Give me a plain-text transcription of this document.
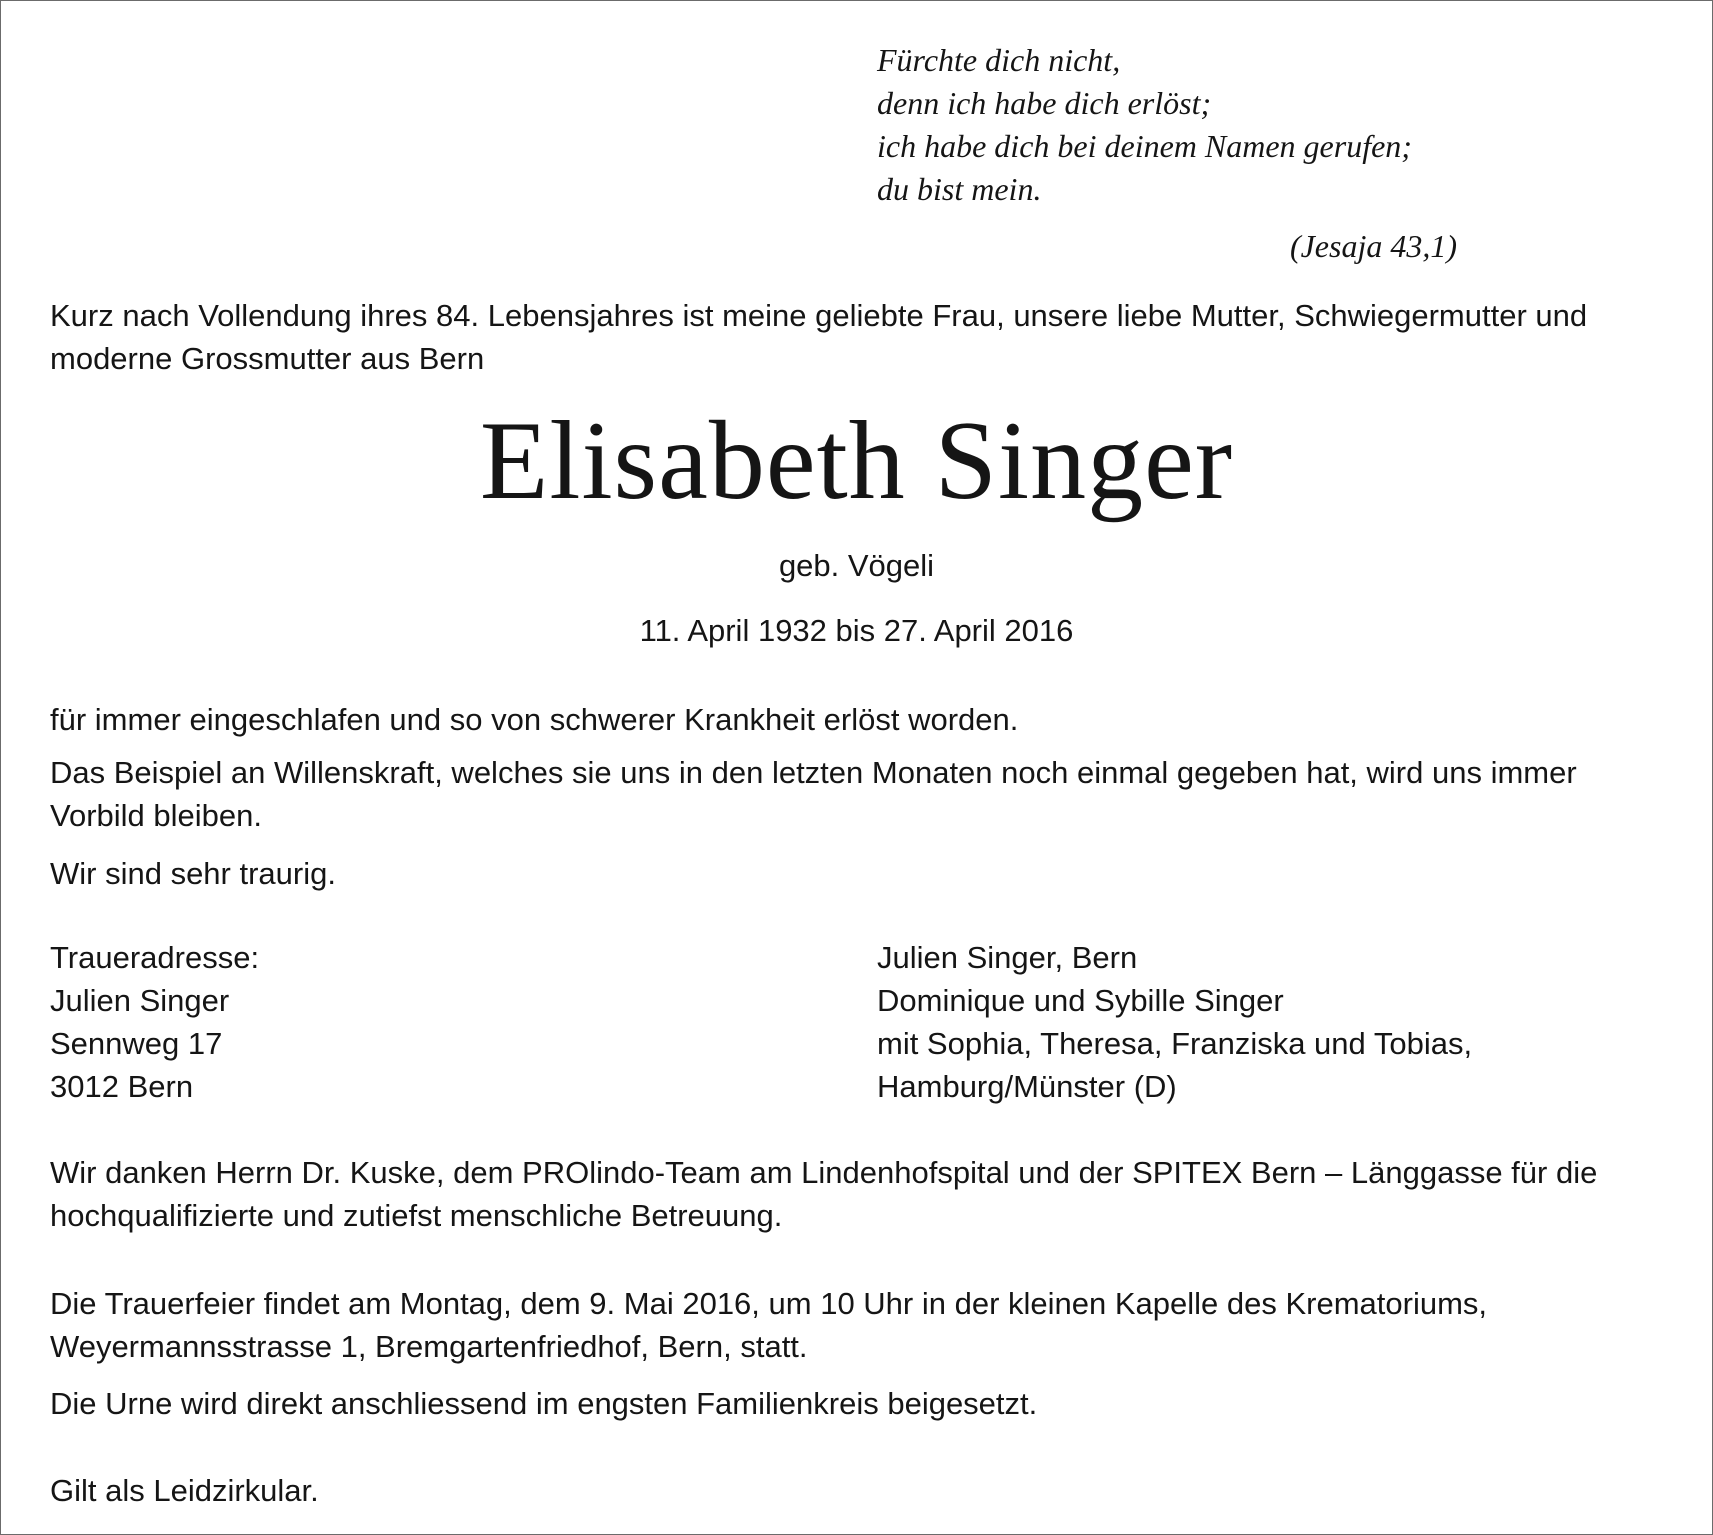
Fürchte dich nicht,
denn ich habe dich erlöst;
ich habe dich bei deinem Namen gerufen;
du bist mein.
(Jesaja 43,1)
Kurz nach Vollendung ihres 84. Lebensjahres ist meine geliebte Frau, unsere liebe Mutter, Schwiegermutter und
moderne Grossmutter aus Bern
Elisabeth Singer
geb. Vögeli
11. April 1932 bis 27. April 2016
für immer eingeschlafen und so von schwerer Krankheit erlöst worden.
Das Beispiel an Willenskraft, welches sie uns in den letzten Monaten noch einmal gegeben hat, wird uns immer
Vorbild bleiben.
Wir sind sehr traurig.
Traueradresse:
Julien Singer
Sennweg 17
3012 Bern
Julien Singer, Bern
Dominique und Sybille Singer
mit Sophia, Theresa, Franziska und Tobias,
Hamburg/Münster (D)
Wir danken Herrn Dr. Kuske, dem PROlindo-Team am Lindenhofspital und der SPITEX Bern – Länggasse für die
hochqualifizierte und zutiefst menschliche Betreuung.
Die Trauerfeier findet am Montag, dem 9. Mai 2016, um 10 Uhr in der kleinen Kapelle des Krematoriums,
Weyermannsstrasse 1, Bremgartenfriedhof, Bern, statt.
Die Urne wird direkt anschliessend im engsten Familienkreis beigesetzt.
Gilt als Leidzirkular.
